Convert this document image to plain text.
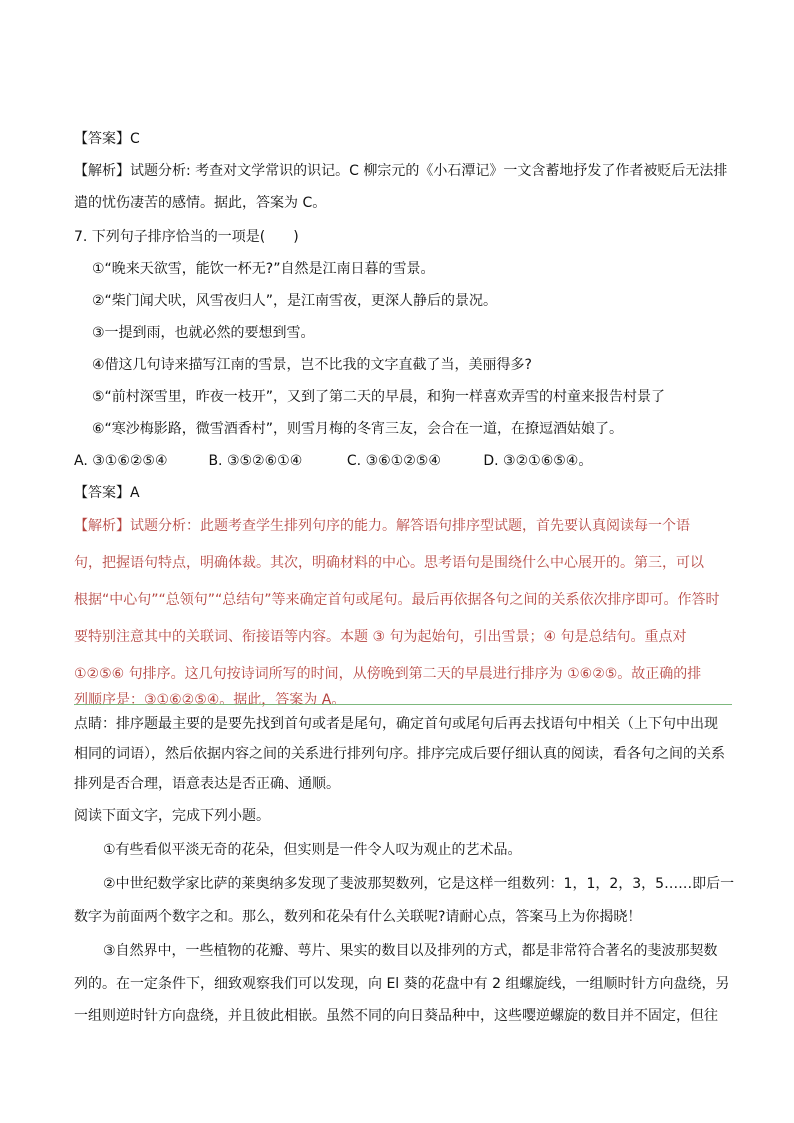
【答案】C
【解析】试题分析: 考查对文学常识的识记。C 柳宗元的《小石潭记》一文含蓄地抒发了作者被贬后无法排
遣的忧伤凄苦的感情。据此，答案为 C。
7. 下列句子排序恰当的一项是(　　)
①“晚来天欲雪，能饮一杯无?”自然是江南日暮的雪景。
②“柴门闻犬吠，风雪夜归人”，是江南雪夜，更深人静后的景况。
③一提到雨，也就必然的要想到雪。
④借这几句诗来描写江南的雪景，岂不比我的文字直截了当，美丽得多?
⑤“前村深雪里，昨夜一枝开”，又到了第二天的早晨，和狗一样喜欢弄雪的村童来报告村景了
⑥“寒沙梅影路，微雪酒香村”，则雪月梅的冬宵三友，会合在一道，在撩逗酒姑娘了。
A. ③①⑥②⑤④	B. ③⑤②⑥①④	C. ③⑥①②⑤④	D. ③②①⑥⑤④。
【答案】A
【解析】试题分析：此题考查学生排列句序的能力。解答语句排序型试题，首先要认真阅读每一个语
句，把握语句特点，明确体裁。其次，明确材料的中心。思考语句是围绕什么中心展开的。第三，可以
根据“中心句”“总领句”“总结句”等来确定首句或尾句。最后再依据各句之间的关系依次排序即可。作答时
要特别注意其中的关联词、衔接语等内容。本题 ③ 句为起始句，引出雪景；④ 句是总结句。重点对
①②⑤⑥ 句排序。这几句按诗词所写的时间，从傍晚到第二天的早晨进行排序为 ①⑥②⑤。故正确的排
列顺序是：③①⑥②⑤④。据此，答案为 A。
点睛：排序题最主要的是要先找到首句或者是尾句，确定首句或尾句后再去找语句中相关（上下句中出现
相同的词语），然后依据内容之间的关系进行排列句序。排序完成后要仔细认真的阅读，看各句之间的关系
排列是否合理，语意表达是否正确、通顺。
阅读下面文字，完成下列小题。
①有些看似平淡无奇的花朵，但实则是一件令人叹为观止的艺术品。
②中世纪数学家比萨的莱奥纳多发现了斐波那契数列，它是这样一组数列：1，1，2，3，5……即后一
数字为前面两个数字之和。那么，数列和花朵有什么关联呢?请耐心点，答案马上为你揭晓！
③自然界中，一些植物的花瓣、萼片、果实的数目以及排列的方式，都是非常符合著名的斐波那契数
列的。在一定条件下，细致观察我们可以发现，向 El 葵的花盘中有 2 组螺旋线，一组顺时针方向盘绕，另
一组则逆时针方向盘绕，并且彼此相嵌。虽然不同的向日葵品种中，这些嘤逆螺旋的数目并不固定，但往
